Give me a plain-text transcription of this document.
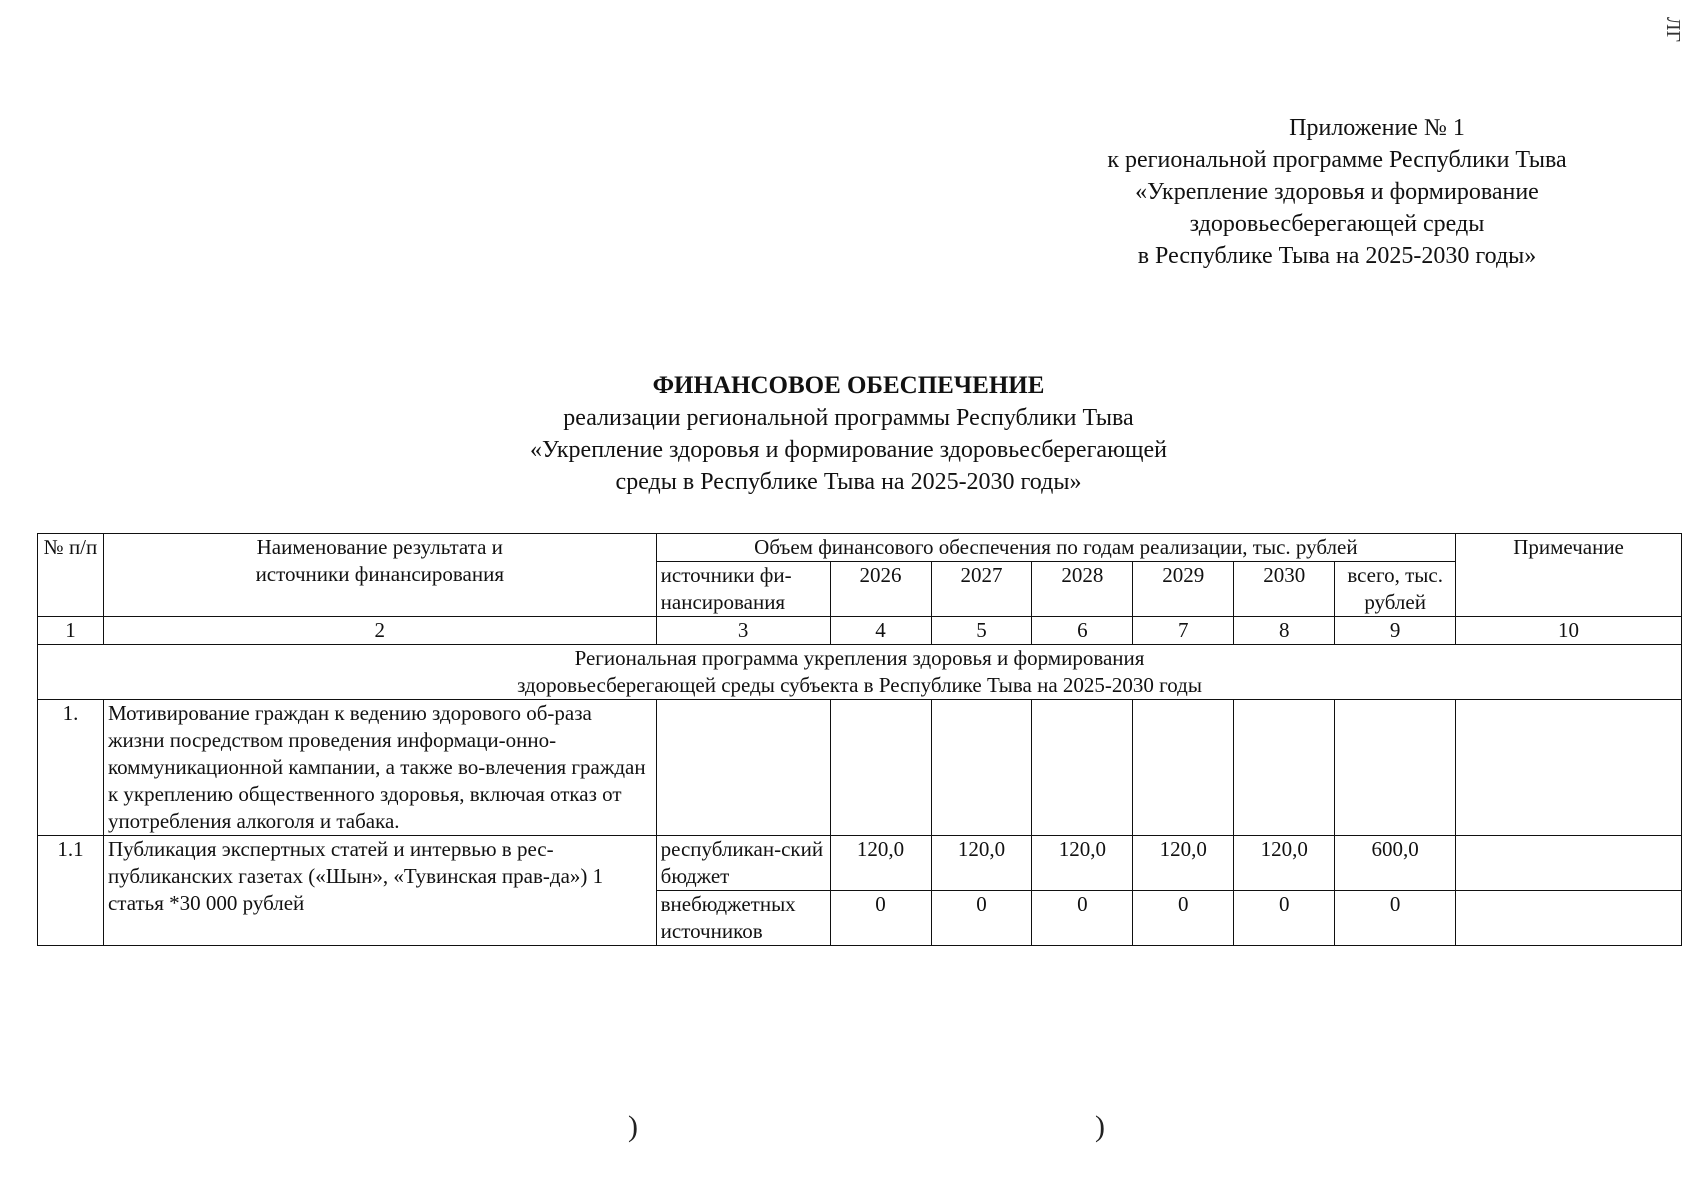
ЛГ
Приложение № 1
к региональной программе Республики Тыва
«Укрепление здоровья и формирование
здоровьесберегающей среды
в Республике Тыва на 2025-2030 годы»
ФИНАНСОВОЕ ОБЕСПЕЧЕНИЕ
реализации региональной программы Республики Тыва
«Укрепление здоровья и формирование здоровьесберегающей
среды в Республике Тыва на 2025-2030 годы»
№ п/п	Наименование результата и источники финансирования	Объем финансового обеспечения по годам реализации, тыс. рублей							Примечание
		источники фи-нансирования	2026	2027	2028	2029	2030	всего, тыс. рублей	
1	2	3	4	5	6	7	8	9	10

Региональная программа укрепления здоровья и формирования
здоровьесберегающей среды субъекта в Республике Тыва на 2025-2030 годы									

1.	Мотивирование граждан к ведению здорового об-раза жизни посредством проведения информаци-онно-коммуникационной кампании, а также во-влечения граждан к укреплению общественного здоровья, включая отказ от употребления алкоголя и табака.								
1.1	Публикация экспертных статей и интервью в рес-публиканских газетах («Шын», «Тувинская прав-да») 1 статья *30 000 рублей	республикан-ский бюджет	120,0	120,0	120,0	120,0	120,0	600,0	
		внебюджетных источников	0	0	0	0	0	0	
)	)
